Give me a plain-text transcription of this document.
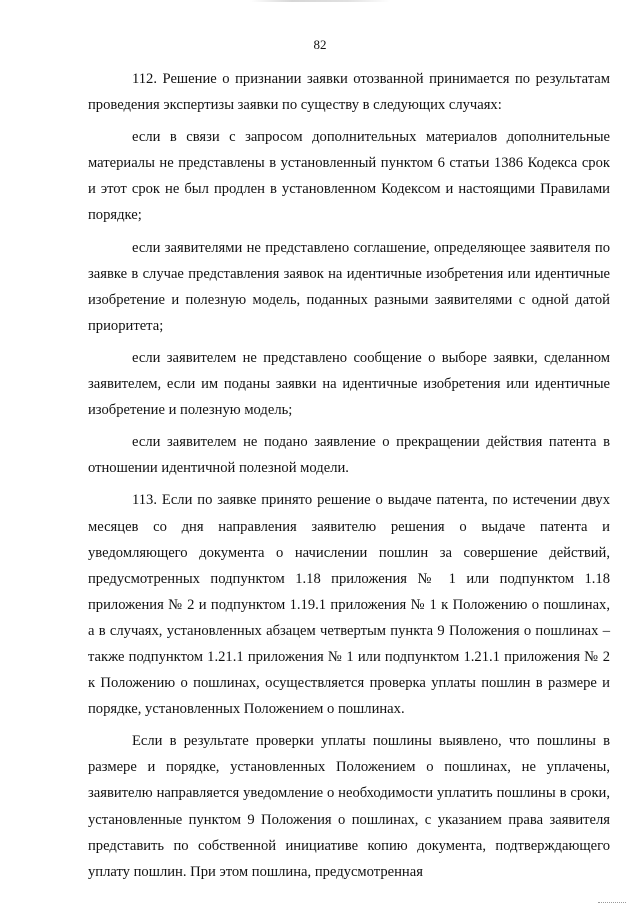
82

112. Решение о признании заявки отозванной принимается по результатам проведения экспертизы заявки по существу в следующих случаях:

если в связи с запросом дополнительных материалов дополнительные материалы не представлены в установленный пунктом 6 статьи 1386 Кодекса срок и этот срок не был продлен в установленном Кодексом и настоящими Правилами порядке;

если заявителями не представлено соглашение, определяющее заявителя по заявке в случае представления заявок на идентичные изобретения или идентичные изобретение и полезную модель, поданных разными заявителями с одной датой приоритета;

если заявителем не представлено сообщение о выборе заявки, сделанном заявителем, если им поданы заявки на идентичные изобретения или идентичные изобретение и полезную модель;

если заявителем не подано заявление о прекращении действия патента в отношении идентичной полезной модели.

113. Если по заявке принято решение о выдаче патента, по истечении двух месяцев со дня направления заявителю решения о выдаче патента и уведомляющего документа о начислении пошлин за совершение действий, предусмотренных подпунктом 1.18 приложения № 1 или подпунктом 1.18 приложения № 2 и подпунктом 1.19.1 приложения № 1 к Положению о пошлинах, а в случаях, установленных абзацем четвертым пункта 9 Положения о пошлинах – также подпунктом 1.21.1 приложения № 1 или подпунктом 1.21.1 приложения № 2 к Положению о пошлинах, осуществляется проверка уплаты пошлин в размере и порядке, установленных Положением о пошлинах.

Если в результате проверки уплаты пошлины выявлено, что пошлины в размере и порядке, установленных Положением о пошлинах, не уплачены, заявителю направляется уведомление о необходимости уплатить пошлины в сроки, установленные пунктом 9 Положения о пошлинах, с указанием права заявителя представить по собственной инициативе копию документа, подтверждающего уплату пошлин. При этом пошлина, предусмотренная
